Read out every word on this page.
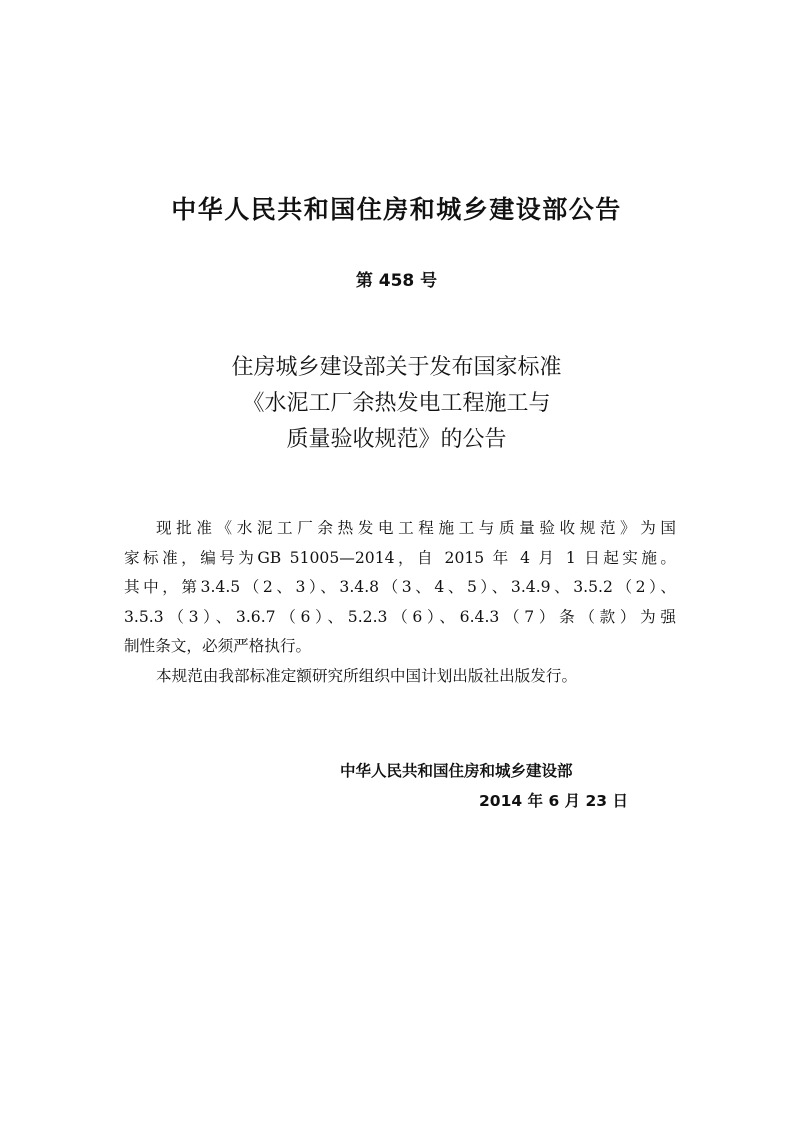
中华人民共和国住房和城乡建设部公告
第 458 号
住房城乡建设部关于发布国家标准
《水泥工厂余热发电工程施工与
质量验收规范》的公告
现批准《水泥工厂余热发电工程施工与质量验收规范》为国
家标准，编号为GB 51005—2014，自 2015 年 4 月 1 日起实施。
其中，第3.4.5（2、3）、3.4.8（3、4、5）、3.4.9、3.5.2（2）、
3.5.3（3）、3.6.7（6）、5.2.3（6）、6.4.3（7）条（款）为强
制性条文，必须严格执行。
本规范由我部标准定额研究所组织中国计划出版社出版发行。
中华人民共和国住房和城乡建设部
2014 年 6 月 23 日
